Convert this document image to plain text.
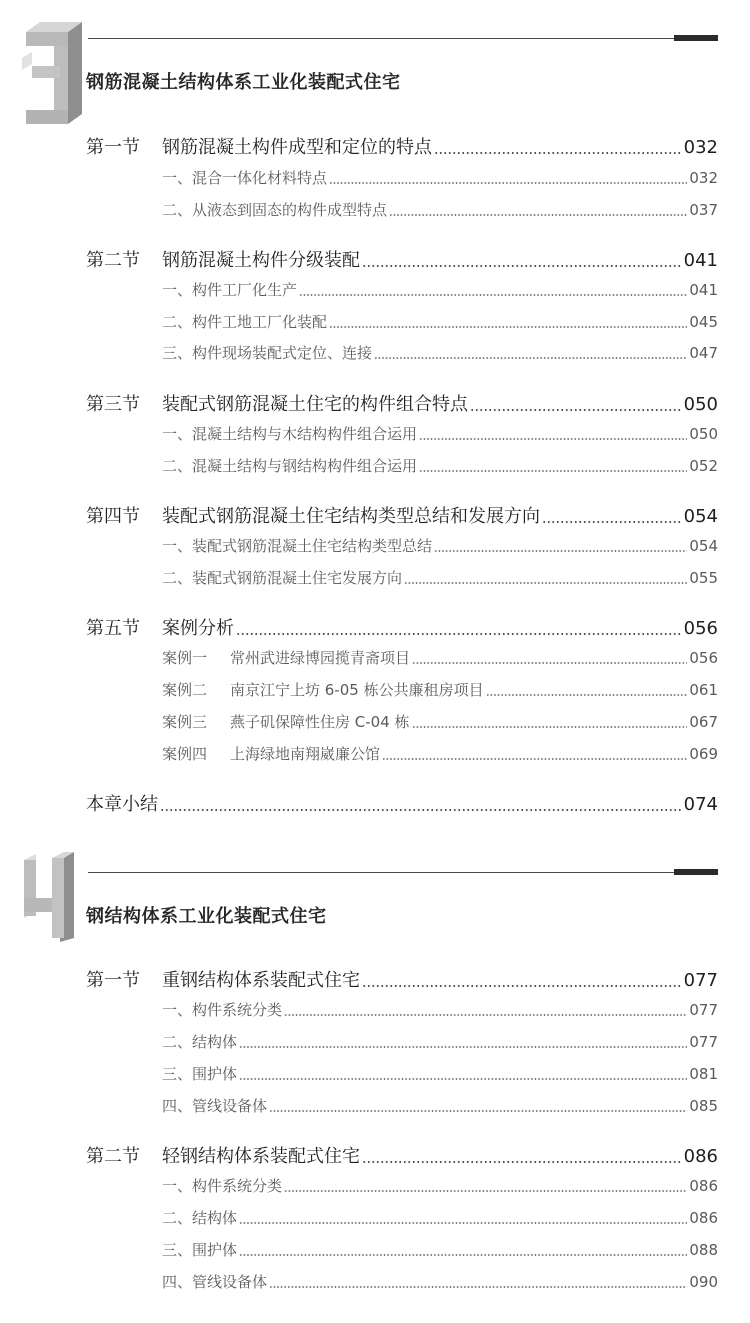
钢筋混凝土结构体系工业化装配式住宅
第一节	钢筋混凝土构件成型和定位的特点	032
一、混合一体化材料特点	032
二、从液态到固态的构件成型特点	037
第二节	钢筋混凝土构件分级装配	041
一、构件工厂化生产	041
二、构件工地工厂化装配	045
三、构件现场装配式定位、连接	047
第三节	装配式钢筋混凝土住宅的构件组合特点	050
一、混凝土结构与木结构构件组合运用	050
二、混凝土结构与钢结构构件组合运用	052
第四节	装配式钢筋混凝土住宅结构类型总结和发展方向	054
一、装配式钢筋混凝土住宅结构类型总结	054
二、装配式钢筋混凝土住宅发展方向	055
第五节	案例分析	056
案例一	常州武进绿博园揽青斋项目	056
案例二	南京江宁上坊 6-05 栋公共廉租房项目	061
案例三	燕子矶保障性住房 C-04 栋	067
案例四	上海绿地南翔崴廉公馆	069
本章小结	074
钢结构体系工业化装配式住宅
第一节	重钢结构体系装配式住宅	077
一、构件系统分类	077
二、结构体	077
三、围护体	081
四、管线设备体	085
第二节	轻钢结构体系装配式住宅	086
一、构件系统分类	086
二、结构体	086
三、围护体	088
四、管线设备体	090
